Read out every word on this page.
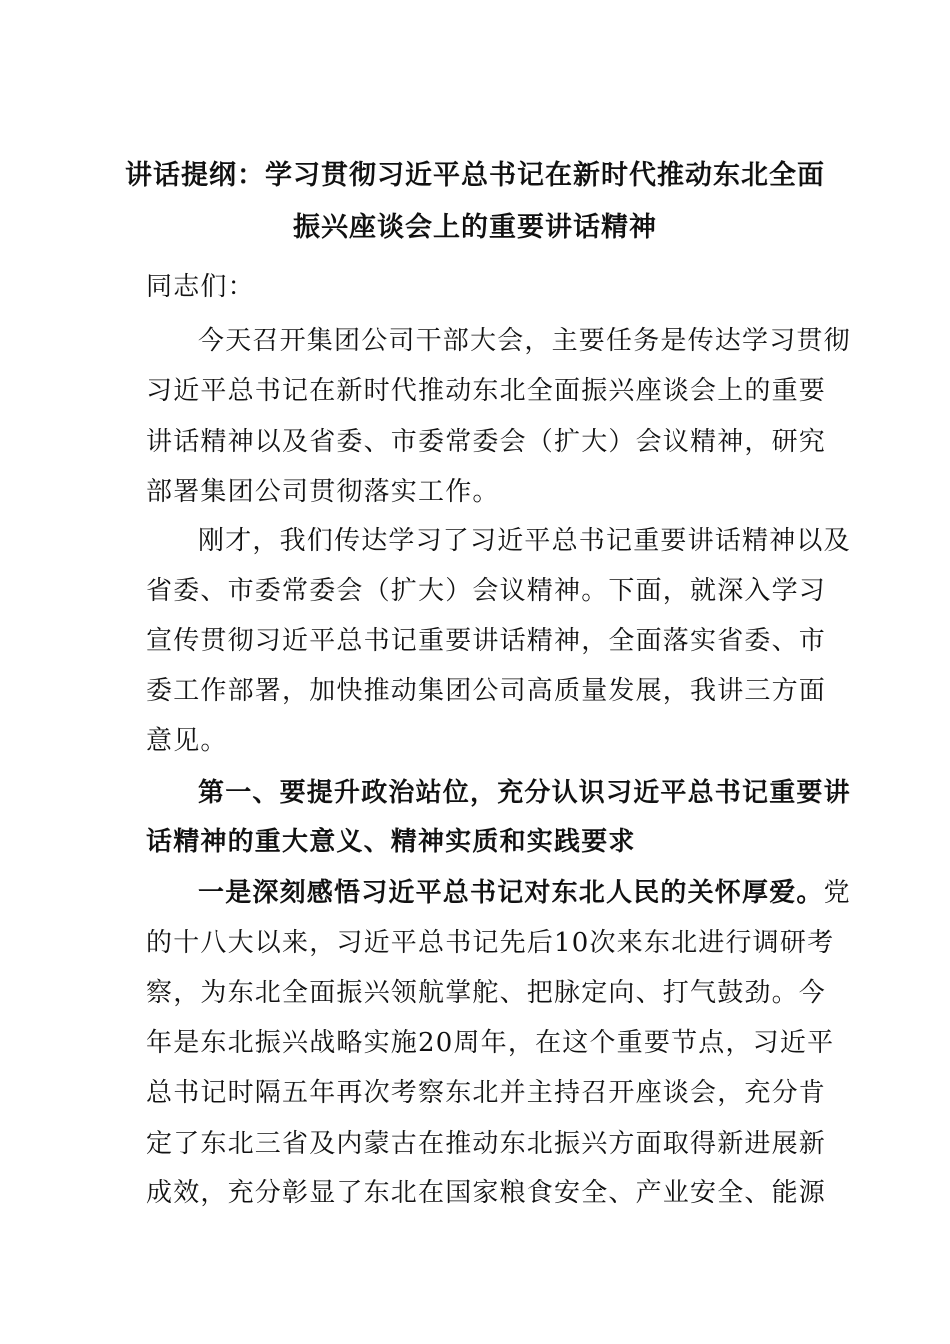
讲话提纲：学习贯彻习近平总书记在新时代推动东北全面
振兴座谈会上的重要讲话精神
同志们：
今天召开集团公司干部大会，主要任务是传达学习贯彻
习近平总书记在新时代推动东北全面振兴座谈会上的重要
讲话精神以及省委、市委常委会（扩大）会议精神，研究
部署集团公司贯彻落实工作。
刚才，我们传达学习了习近平总书记重要讲话精神以及
省委、市委常委会（扩大）会议精神。下面，就深入学习
宣传贯彻习近平总书记重要讲话精神，全面落实省委、市
委工作部署，加快推动集团公司高质量发展，我讲三方面
意见。
第一、要提升政治站位，充分认识习近平总书记重要讲
话精神的重大意义、精神实质和实践要求
一是深刻感悟习近平总书记对东北人民的关怀厚爱。党
的十八大以来，习近平总书记先后10次来东北进行调研考
察，为东北全面振兴领航掌舵、把脉定向、打气鼓劲。今
年是东北振兴战略实施20周年，在这个重要节点，习近平
总书记时隔五年再次考察东北并主持召开座谈会，充分肯
定了东北三省及内蒙古在推动东北振兴方面取得新进展新
成效，充分彰显了东北在国家粮食安全、产业安全、能源
